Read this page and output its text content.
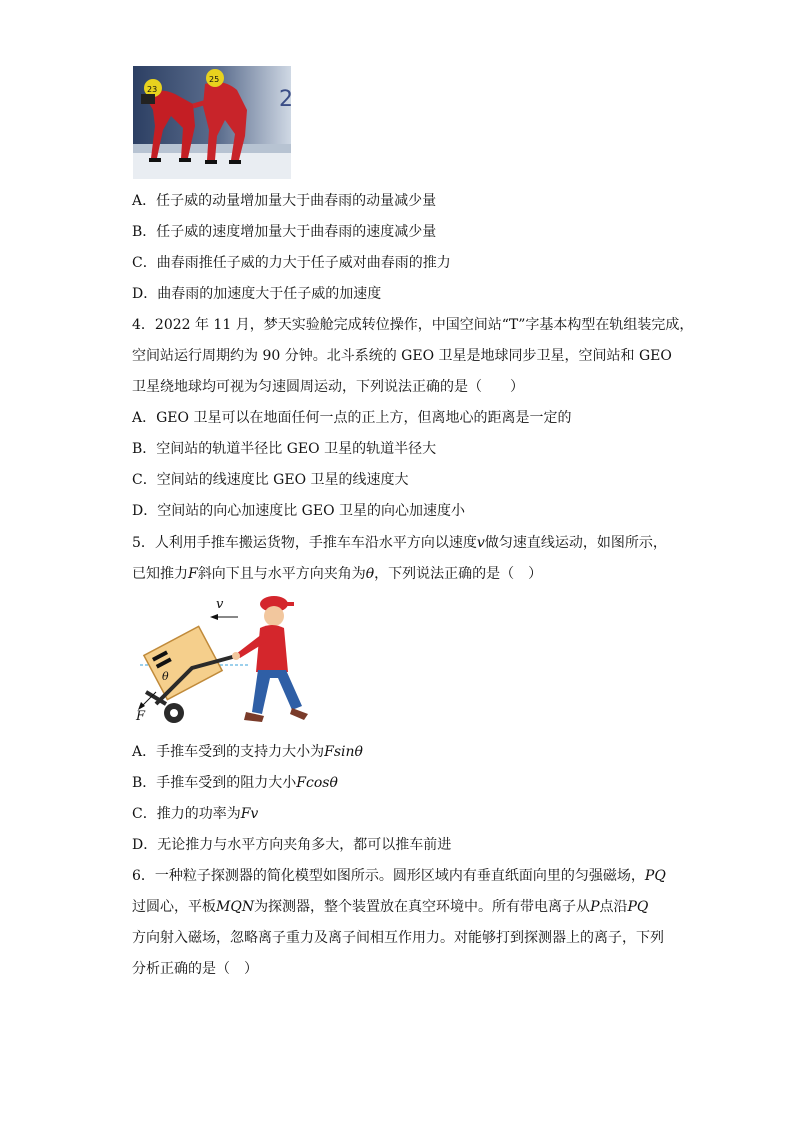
2
23
25
A．任子威的动量增加量大于曲春雨的动量减少量
B．任子威的速度增加量大于曲春雨的速度减少量
C．曲春雨推任子威的力大于任子威对曲春雨的推力
D．曲春雨的加速度大于任子威的加速度
4．2022 年 11 月，梦天实验舱完成转位操作，中国空间站“T”字基本构型在轨组装完成，
空间站运行周期约为 90 分钟。北斗系统的 GEO 卫星是地球同步卫星，空间站和 GEO
卫星绕地球均可视为匀速圆周运动，下列说法正确的是（　　）
A．GEO 卫星可以在地面任何一点的正上方，但离地心的距离是一定的
B．空间站的轨道半径比 GEO 卫星的轨道半径大
C．空间站的线速度比 GEO 卫星的线速度大
D．空间站的向心加速度比 GEO 卫星的向心加速度小
5．人利用手推车搬运货物，手推车车沿水平方向以速度v做匀速直线运动，如图所示，
已知推力F斜向下且与水平方向夹角为θ，下列说法正确的是（　）
v
F
θ
A．手推车受到的支持力大小为Fsinθ
B．手推车受到的阻力大小Fcosθ
C．推力的功率为Fv
D．无论推力与水平方向夹角多大，都可以推车前进
6．一种粒子探测器的简化模型如图所示。圆形区域内有垂直纸面向里的匀强磁场，PQ
过圆心，平板MQN为探测器，整个装置放在真空环境中。所有带电离子从P点沿PQ
方向射入磁场，忽略离子重力及离子间相互作用力。对能够打到探测器上的离子，下列
分析正确的是（　）
